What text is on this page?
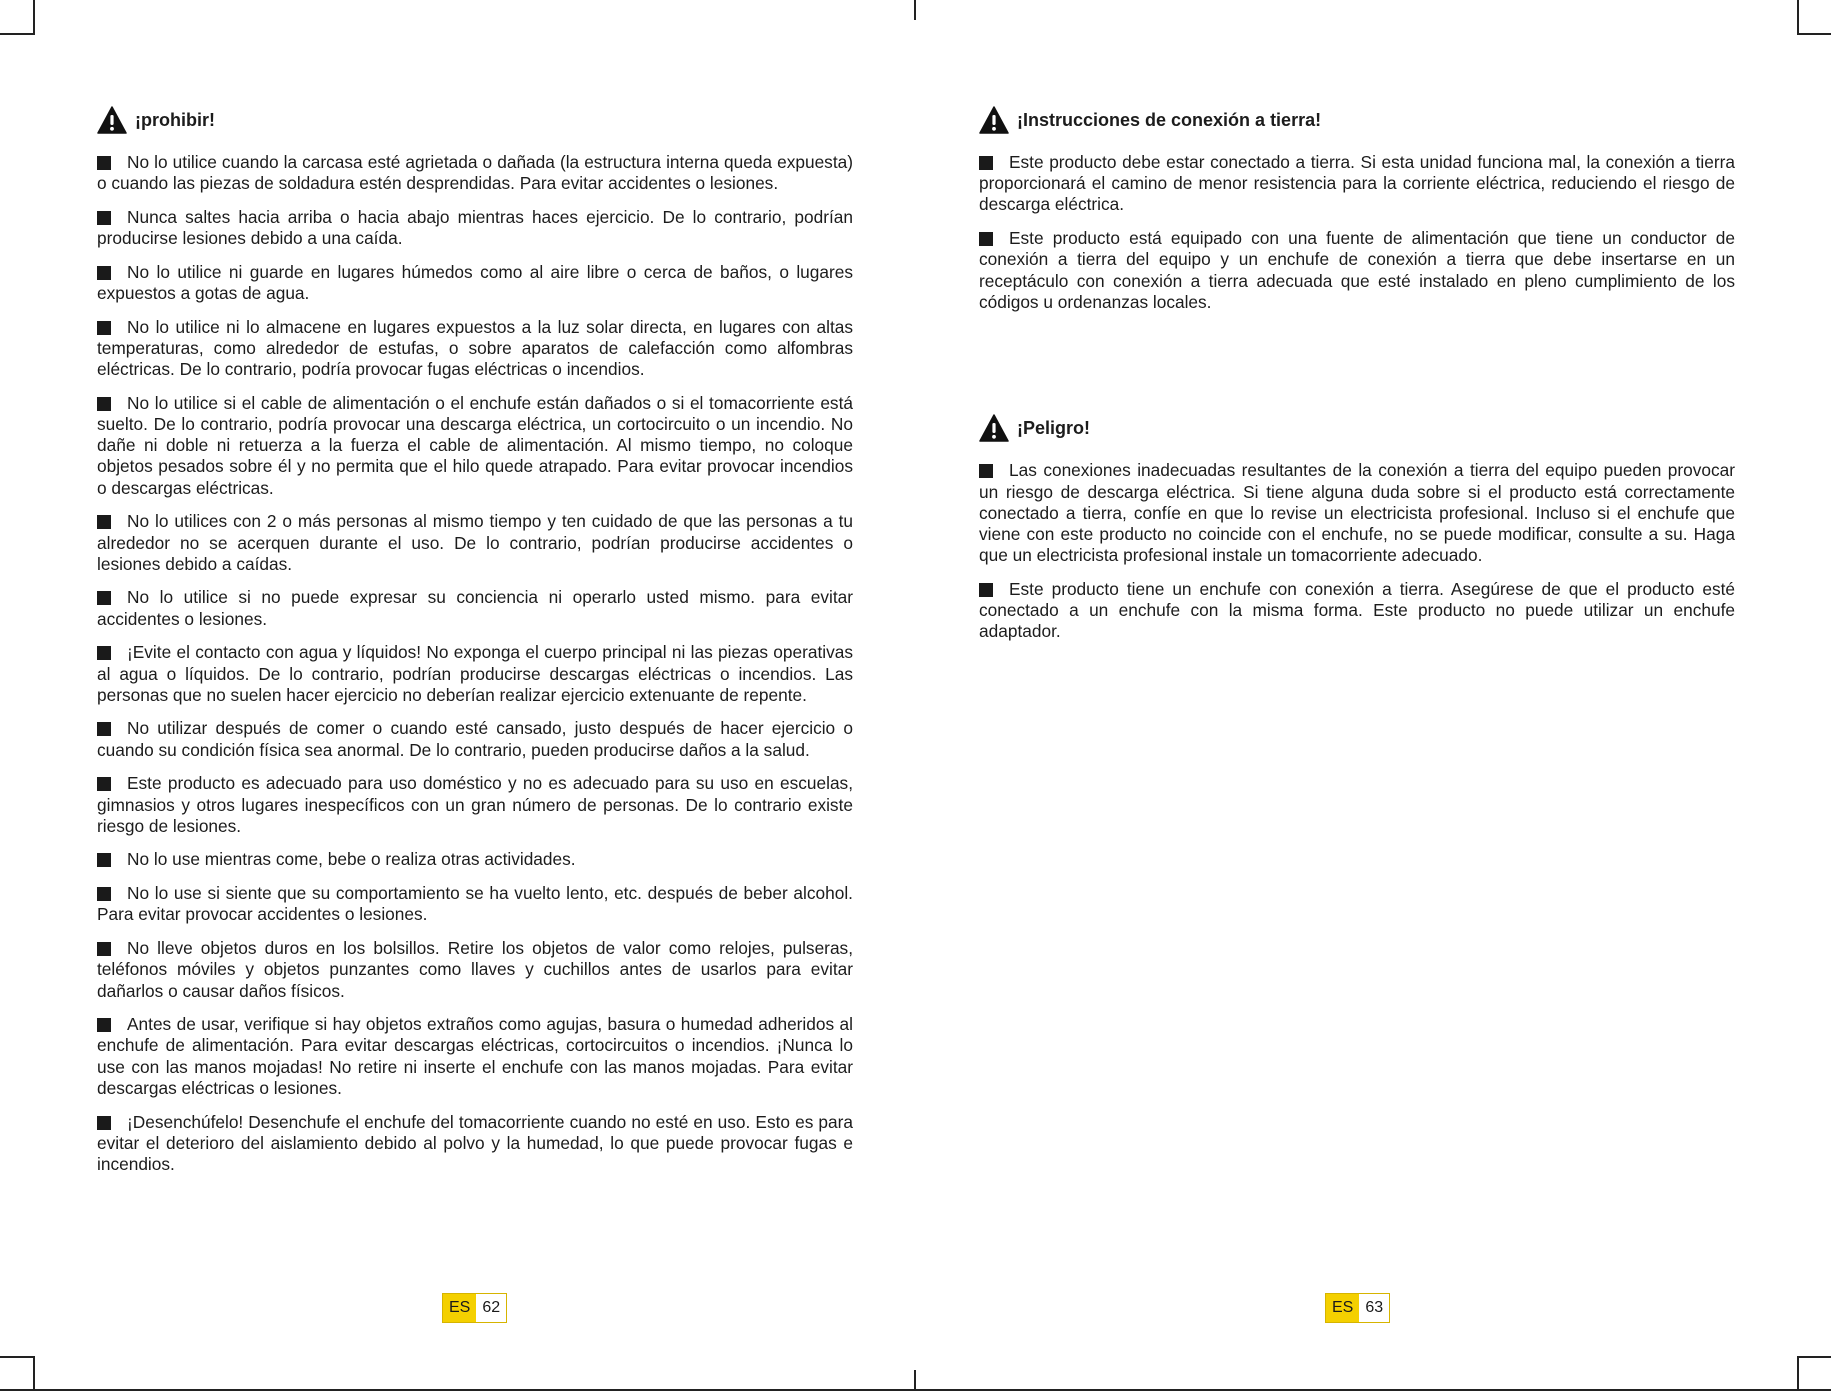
¡prohibir!
No lo utilice cuando la carcasa esté agrietada o dañada (la estructura interna queda expuesta) o cuando las piezas de soldadura estén desprendidas. Para evitar accidentes o lesiones.
Nunca saltes hacia arriba o hacia abajo mientras haces ejercicio. De lo contrario, podrían producirse lesiones debido a una caída.
No lo utilice ni guarde en lugares húmedos como al aire libre o cerca de baños, o lugares expuestos a gotas de agua.
No lo utilice ni lo almacene en lugares expuestos a la luz solar directa, en lugares con altas temperaturas, como alrededor de estufas, o sobre aparatos de calefacción como alfombras eléctricas. De lo contrario, podría provocar fugas eléctricas o incendios.
No lo utilice si el cable de alimentación o el enchufe están dañados o si el tomacorriente está suelto. De lo contrario, podría provocar una descarga eléctrica, un cortocircuito o un incendio. No dañe ni doble ni retuerza a la fuerza el cable de alimentación. Al mismo tiempo, no coloque objetos pesados sobre él y no permita que el hilo quede atrapado. Para evitar provocar incendios o descargas eléctricas.
No lo utilices con 2 o más personas al mismo tiempo y ten cuidado de que las personas a tu alrededor no se acerquen durante el uso. De lo contrario, podrían producirse accidentes o lesiones debido a caídas.
No lo utilice si no puede expresar su conciencia ni operarlo usted mismo. para evitar accidentes o lesiones.
¡Evite el contacto con agua y líquidos! No exponga el cuerpo principal ni las piezas operativas al agua o líquidos. De lo contrario, podrían producirse descargas eléctricas o incendios. Las personas que no suelen hacer ejercicio no deberían realizar ejercicio extenuante de repente.
No utilizar después de comer o cuando esté cansado, justo después de hacer ejercicio o cuando su condición física sea anormal. De lo contrario, pueden producirse daños a la salud.
Este producto es adecuado para uso doméstico y no es adecuado para su uso en escuelas, gimnasios y otros lugares inespecíficos con un gran número de personas. De lo contrario existe riesgo de lesiones.
No lo use mientras come, bebe o realiza otras actividades.
No lo use si siente que su comportamiento se ha vuelto lento, etc. después de beber alcohol. Para evitar provocar accidentes o lesiones.
No lleve objetos duros en los bolsillos. Retire los objetos de valor como relojes, pulseras, teléfonos móviles y objetos punzantes como llaves y cuchillos antes de usarlos para evitar dañarlos o causar daños físicos.
Antes de usar, verifique si hay objetos extraños como agujas, basura o humedad adheridos al enchufe de alimentación. Para evitar descargas eléctricas, cortocircuitos o incendios. ¡Nunca lo use con las manos mojadas! No retire ni inserte el enchufe con las manos mojadas. Para evitar descargas eléctricas o lesiones.
¡Desenchúfelo! Desenchufe el enchufe del tomacorriente cuando no esté en uso. Esto es para evitar el deterioro del aislamiento debido al polvo y la humedad, lo que puede provocar fugas e incendios.
¡Instrucciones de conexión a tierra!
Este producto debe estar conectado a tierra. Si esta unidad funciona mal, la conexión a tierra proporcionará el camino de menor resistencia para la corriente eléctrica, reduciendo el riesgo de descarga eléctrica.
Este producto está equipado con una fuente de alimentación que tiene un conductor de conexión a tierra del equipo y un enchufe de conexión a tierra que debe insertarse en un receptáculo con conexión a tierra adecuada que esté instalado en pleno cumplimiento de los códigos u ordenanzas locales.
¡Peligro!
Las conexiones inadecuadas resultantes de la conexión a tierra del equipo pueden provocar un riesgo de descarga eléctrica. Si tiene alguna duda sobre si el producto está correctamente conectado a tierra, confíe en que lo revise un electricista profesional. Incluso si el enchufe que viene con este producto no coincide con el enchufe, no se puede modificar, consulte a su. Haga que un electricista profesional instale un tomacorriente adecuado.
Este producto tiene un enchufe con conexión a tierra. Asegúrese de que el producto esté conectado a un enchufe con la misma forma. Este producto no puede utilizar un enchufe adaptador.
ES 62	ES 63
